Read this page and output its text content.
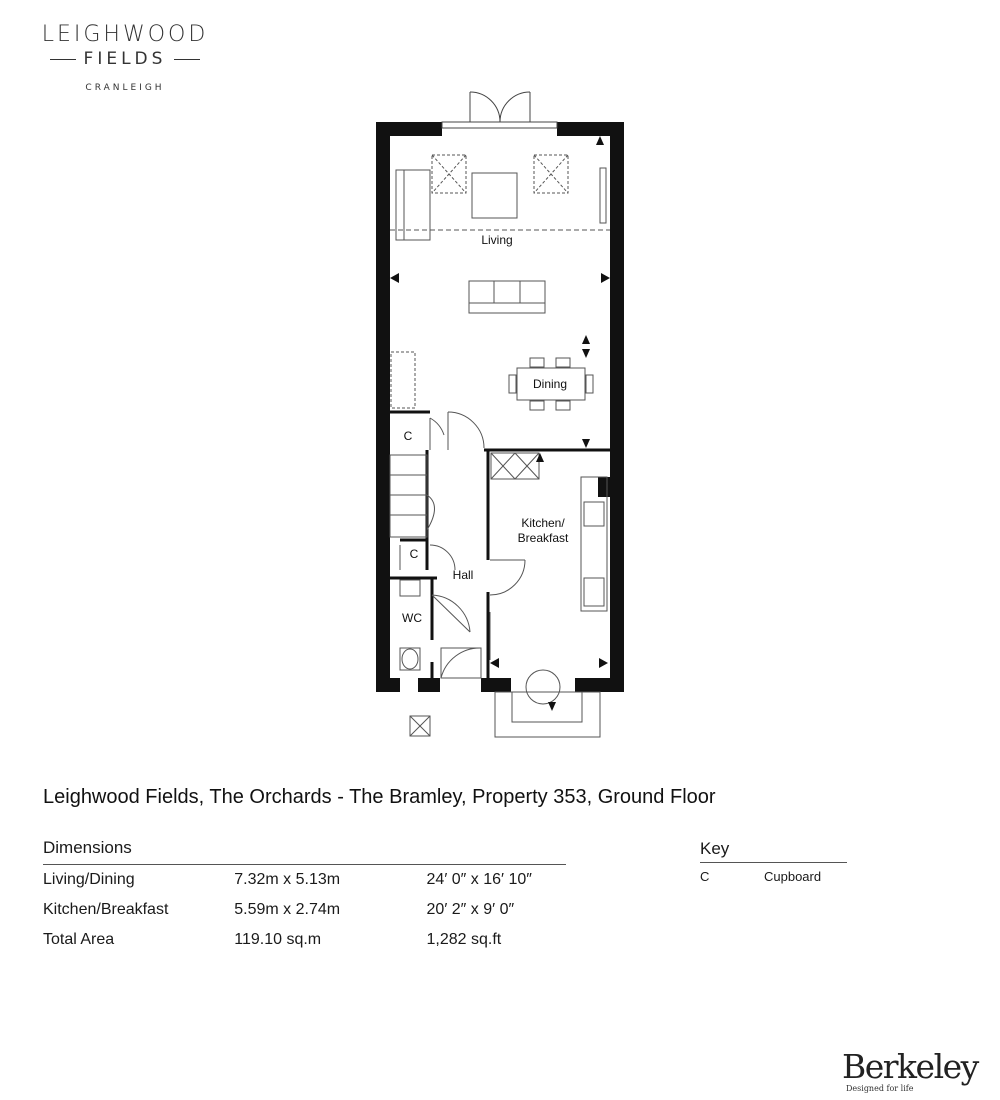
LEIGHWOOD
FIELDS
CRANLEIGH
Living
Dining
Kitchen/
Breakfast
Hall
WC
C
C
Leighwood Fields, The Orchards - The Bramley, Property 353, Ground Floor
Dimensions
Living/Dining	7.32m x 5.13m	24′ 0″ x 16′ 10″
Kitchen/Breakfast	5.59m x 2.74m	20′ 2″ x 9′ 0″
Total Area	119.10 sq.m	1,282 sq.ft
Key
C	Cupboard
Berkeley
Designed for life
